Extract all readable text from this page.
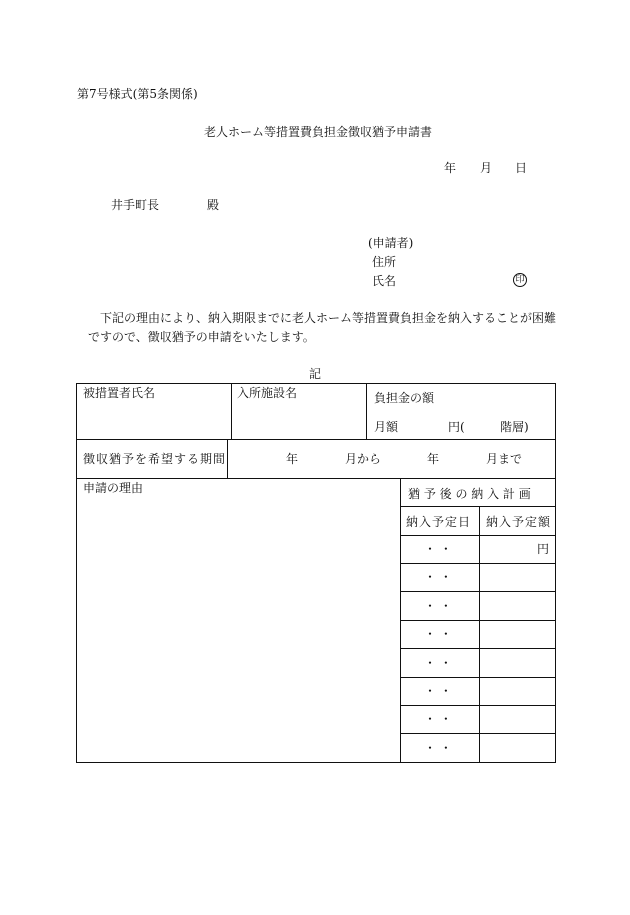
第7号様式(第5条関係)
老人ホーム等措置費負担金徴収猶予申請書
年 月 日
井手町長	殿
(申請者)
住所
氏名	印
下記の理由により、納入期限までに老人ホーム等措置費負担金を納入することが困難
ですので、徴収猶予の申請をいたします。
記
被措置者氏名	入所施設名	負担金の額
月額	円(	階層)
徴収猶予を希望する期間	年	月から	年	月まで
申請の理由	猶 予 後 の 納 入 計 画
納入予定日 納入予定額
・ ・	円
・ ・
・ ・
・ ・
・ ・
・ ・
・ ・
・ ・
